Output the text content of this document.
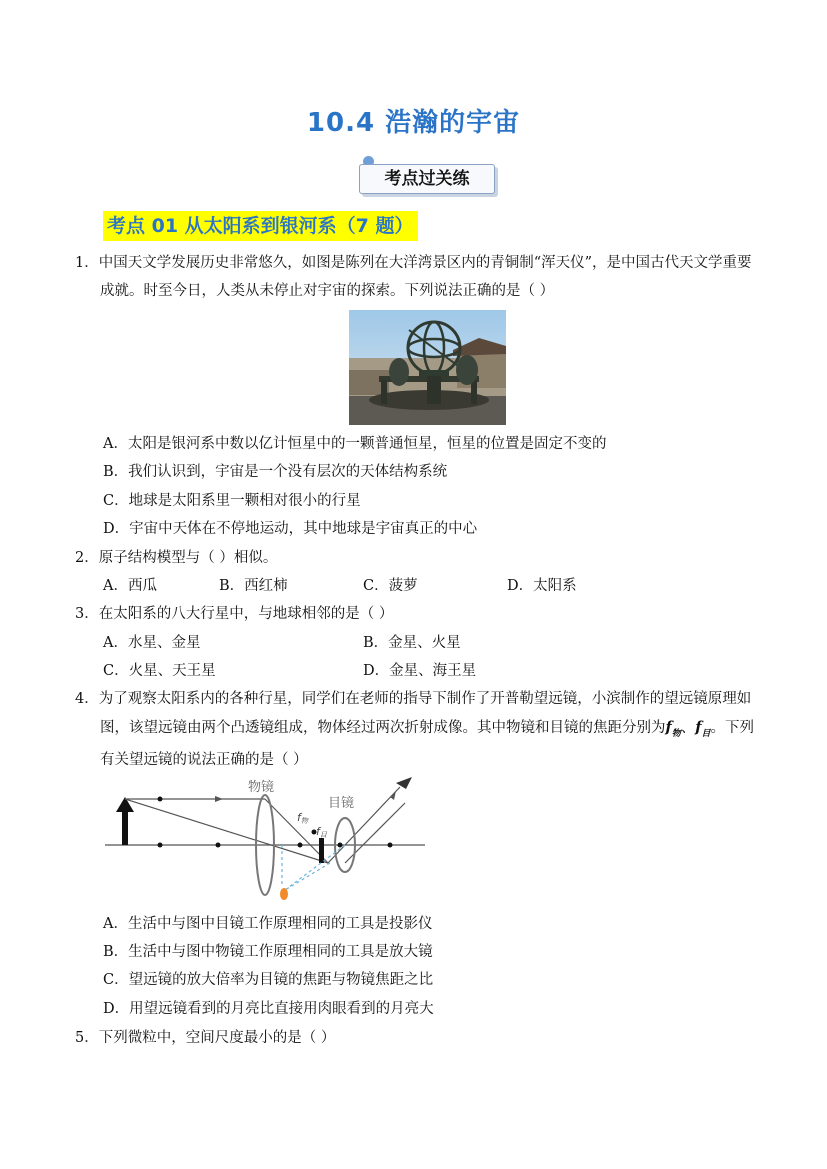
10.4 浩瀚的宇宙
考点过关练
考点 01 从太阳系到银河系（7 题）
1．中国天文学发展历史非常悠久，如图是陈列在大洋湾景区内的青铜制“浑天仪”，是中国古代天文学重要
成就。时至今日，人类从未停止对宇宙的探索。下列说法正确的是（ ）
A．太阳是银河系中数以亿计恒星中的一颗普通恒星，恒星的位置是固定不变的
B．我们认识到，宇宙是一个没有层次的天体结构系统
C．地球是太阳系里一颗相对很小的行星
D．宇宙中天体在不停地运动，其中地球是宇宙真正的中心
2．原子结构模型与（ ）相似。
A．西瓜	B．西红柿	C．菠萝	D．太阳系
3．在太阳系的八大行星中，与地球相邻的是（ ）
A．水星、金星	B．金星、火星
C．火星、天王星	D．金星、海王星
4．为了观察太阳系内的各种行星，同学们在老师的指导下制作了开普勒望远镜，小滨制作的望远镜原理如
图，该望远镜由两个凸透镜组成，物体经过两次折射成像。其中物镜和目镜的焦距分别为$f_物$、$f_目$。下列
有关望远镜的说法正确的是（ ）
物镜
目镜
f物
f目
A．生活中与图中目镜工作原理相同的工具是投影仪
B．生活中与图中物镜工作原理相同的工具是放大镜
C．望远镜的放大倍率为目镜的焦距与物镜焦距之比
D．用望远镜看到的月亮比直接用肉眼看到的月亮大
5．下列微粒中，空间尺度最小的是（ ）
